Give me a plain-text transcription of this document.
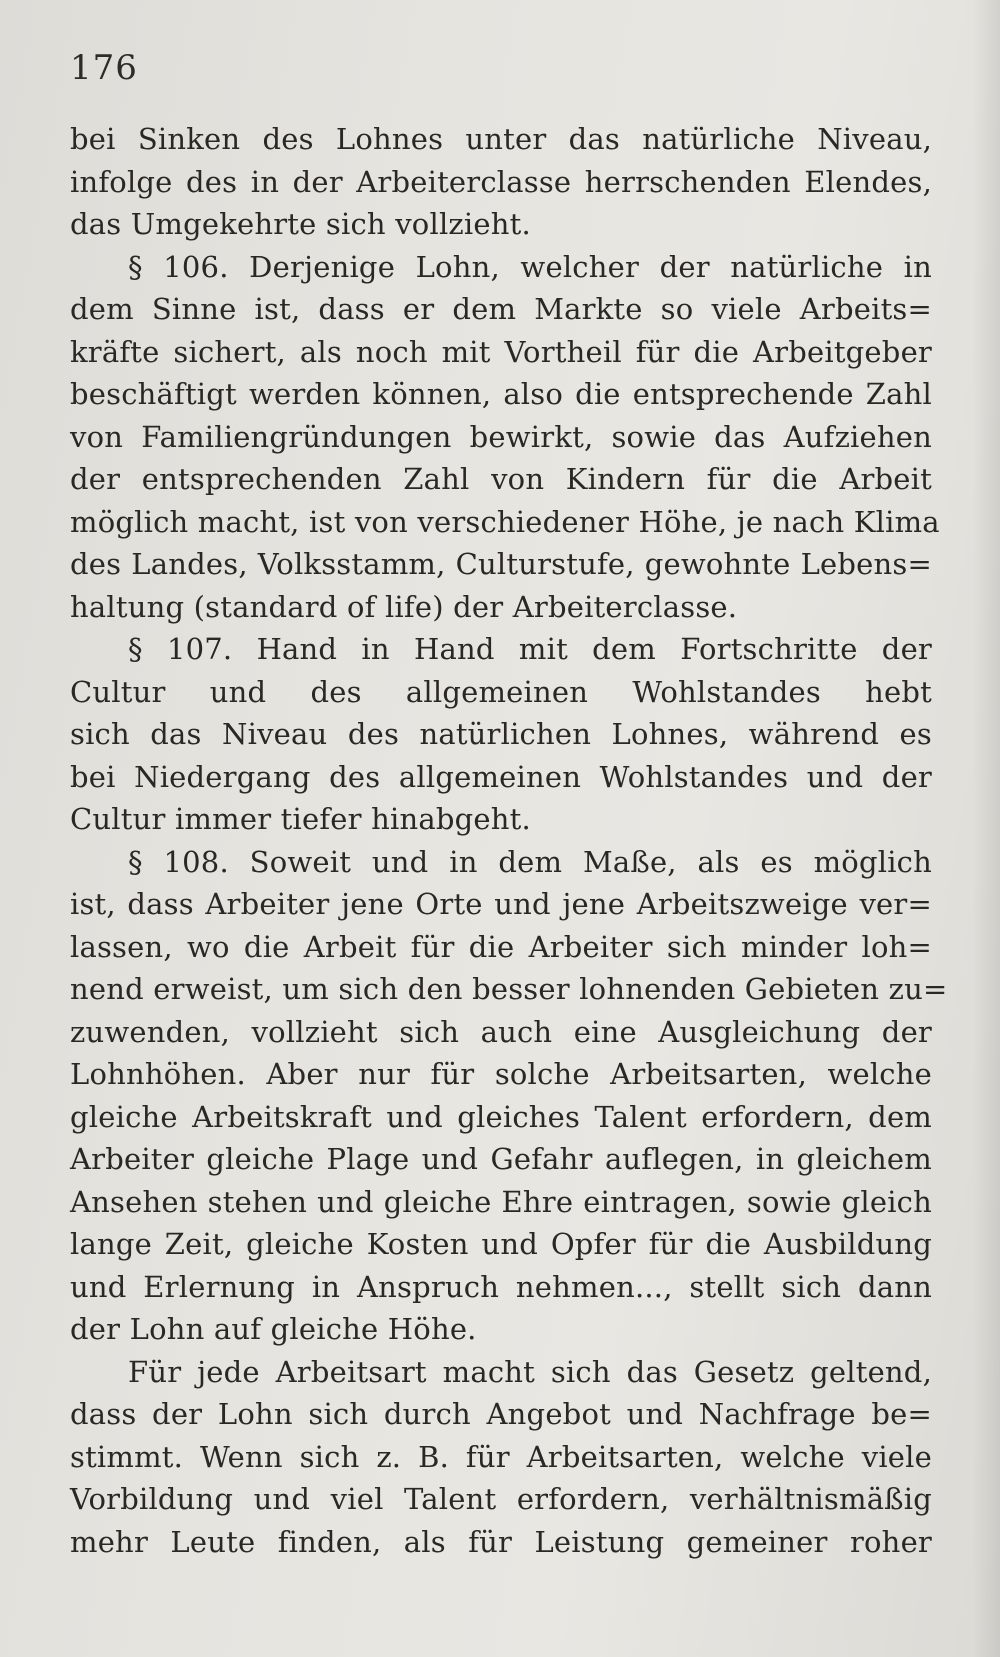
176
bei Sinken des Lohnes unter das natürliche Niveau,
infolge des in der Arbeiterclasse herrschenden Elendes,
das Umgekehrte sich vollzieht.
§ 106. Derjenige Lohn, welcher der natürliche in
dem Sinne ist, dass er dem Markte so viele Arbeits=
kräfte sichert, als noch mit Vortheil für die Arbeitgeber
beschäftigt werden können, also die entsprechende Zahl
von Familiengründungen bewirkt, sowie das Aufziehen
der entsprechenden Zahl von Kindern für die Arbeit
möglich macht, ist von verschiedener Höhe, je nach Klima
des Landes, Volksstamm, Culturstufe, gewohnte Lebens=
haltung (standard of life) der Arbeiterclasse.
§ 107. Hand in Hand mit dem Fortschritte der
Cultur und des allgemeinen Wohlstandes hebt
sich das Niveau des natürlichen Lohnes, während es
bei Niedergang des allgemeinen Wohlstandes und der
Cultur immer tiefer hinabgeht.
§ 108. Soweit und in dem Maße, als es möglich
ist, dass Arbeiter jene Orte und jene Arbeitszweige ver=
lassen, wo die Arbeit für die Arbeiter sich minder loh=
nend erweist, um sich den besser lohnenden Gebieten zu=
zuwenden, vollzieht sich auch eine Ausgleichung der
Lohnhöhen. Aber nur für solche Arbeitsarten, welche
gleiche Arbeitskraft und gleiches Talent erfordern, dem
Arbeiter gleiche Plage und Gefahr auflegen, in gleichem
Ansehen stehen und gleiche Ehre eintragen, sowie gleich
lange Zeit, gleiche Kosten und Opfer für die Ausbildung
und Erlernung in Anspruch nehmen..., stellt sich dann
der Lohn auf gleiche Höhe.
Für jede Arbeitsart macht sich das Gesetz geltend,
dass der Lohn sich durch Angebot und Nachfrage be=
stimmt. Wenn sich z. B. für Arbeitsarten, welche viele
Vorbildung und viel Talent erfordern, verhältnismäßig
mehr Leute finden, als für Leistung gemeiner roher
